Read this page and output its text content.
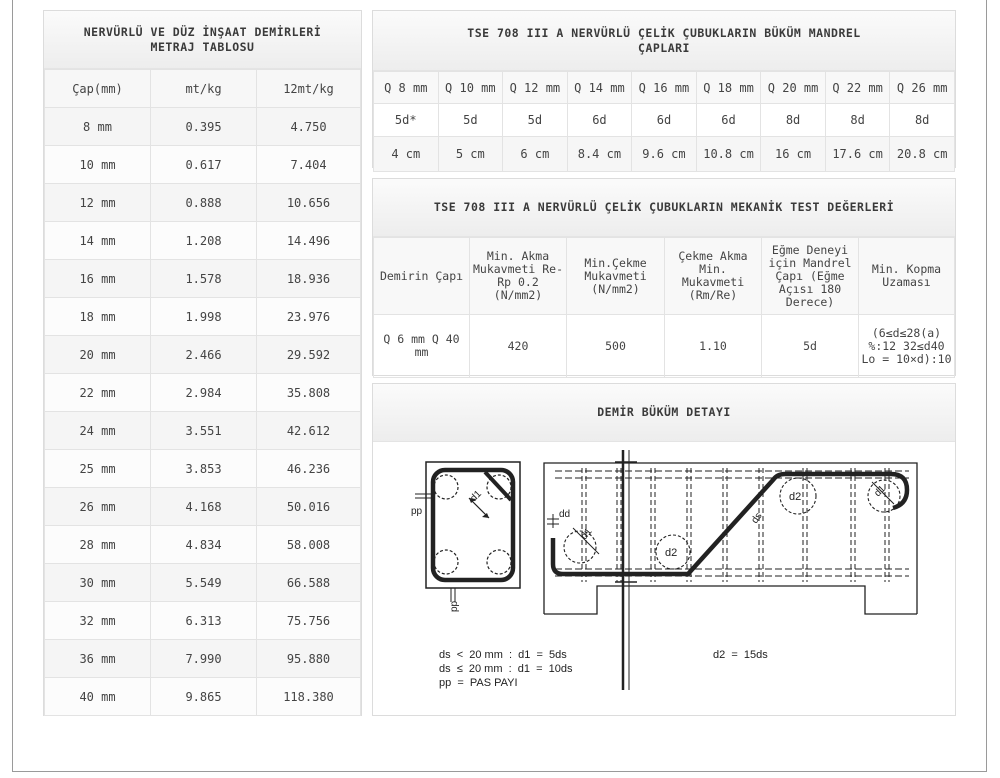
NERVÜRLÜ VE DÜZ İNŞAAT DEMİRLERİ METRAJ TABLOSU
Çap(mm)	mt/kg	12mt/kg
8 mm	0.395	4.750
10 mm	0.617	7.404
12 mm	0.888	10.656
14 mm	1.208	14.496
16 mm	1.578	18.936
18 mm	1.998	23.976
20 mm	2.466	29.592
22 mm	2.984	35.808
24 mm	3.551	42.612
25 mm	3.853	46.236
26 mm	4.168	50.016
28 mm	4.834	58.008
30 mm	5.549	66.588
32 mm	6.313	75.756
36 mm	7.990	95.880
40 mm	9.865	118.380
TSE 708 III A NERVÜRLÜ ÇELİK ÇUBUKLARIN BÜKÜM MANDREL ÇAPLARI
Q 8 mm	Q 10 mm	Q 12 mm	Q 14 mm	Q 16 mm	Q 18 mm	Q 20 mm	Q 22 mm	Q 26 mm
5d*	5d	5d	6d	6d	6d	8d	8d	8d
4 cm	5 cm	6 cm	8.4 cm	9.6 cm	10.8 cm	16 cm	17.6 cm	20.8 cm
TSE 708 III A NERVÜRLÜ ÇELİK ÇUBUKLARIN MEKANİK TEST DEĞERLERİ
Demirin Çapı	Min. Akma Mukavmeti Re-Rp 0.2 (N/mm2)	Min.Çekme Mukavmeti (N/mm2)	Çekme Akma Min. Mukavmeti (Rm/Re)	Eğme Deneyi için Mandrel Çapı (Eğme Açısı 180 Derece)	Min. Kopma Uzaması
Q 6 mm Q 40 mm	420	500	1.10	5d	(6≤d≤28(a) %:12 32≤d40 Lo = 10×d):10
DEMİR BÜKÜM DETAYI
pp
d1
pp
dd
d1
d2
d2
ds
d1
ds  <  20 mm  :  d1  =  5ds
ds  ≤  20 mm  :  d1  =  10ds
pp  =  PAS PAYI
d2  =  15ds
